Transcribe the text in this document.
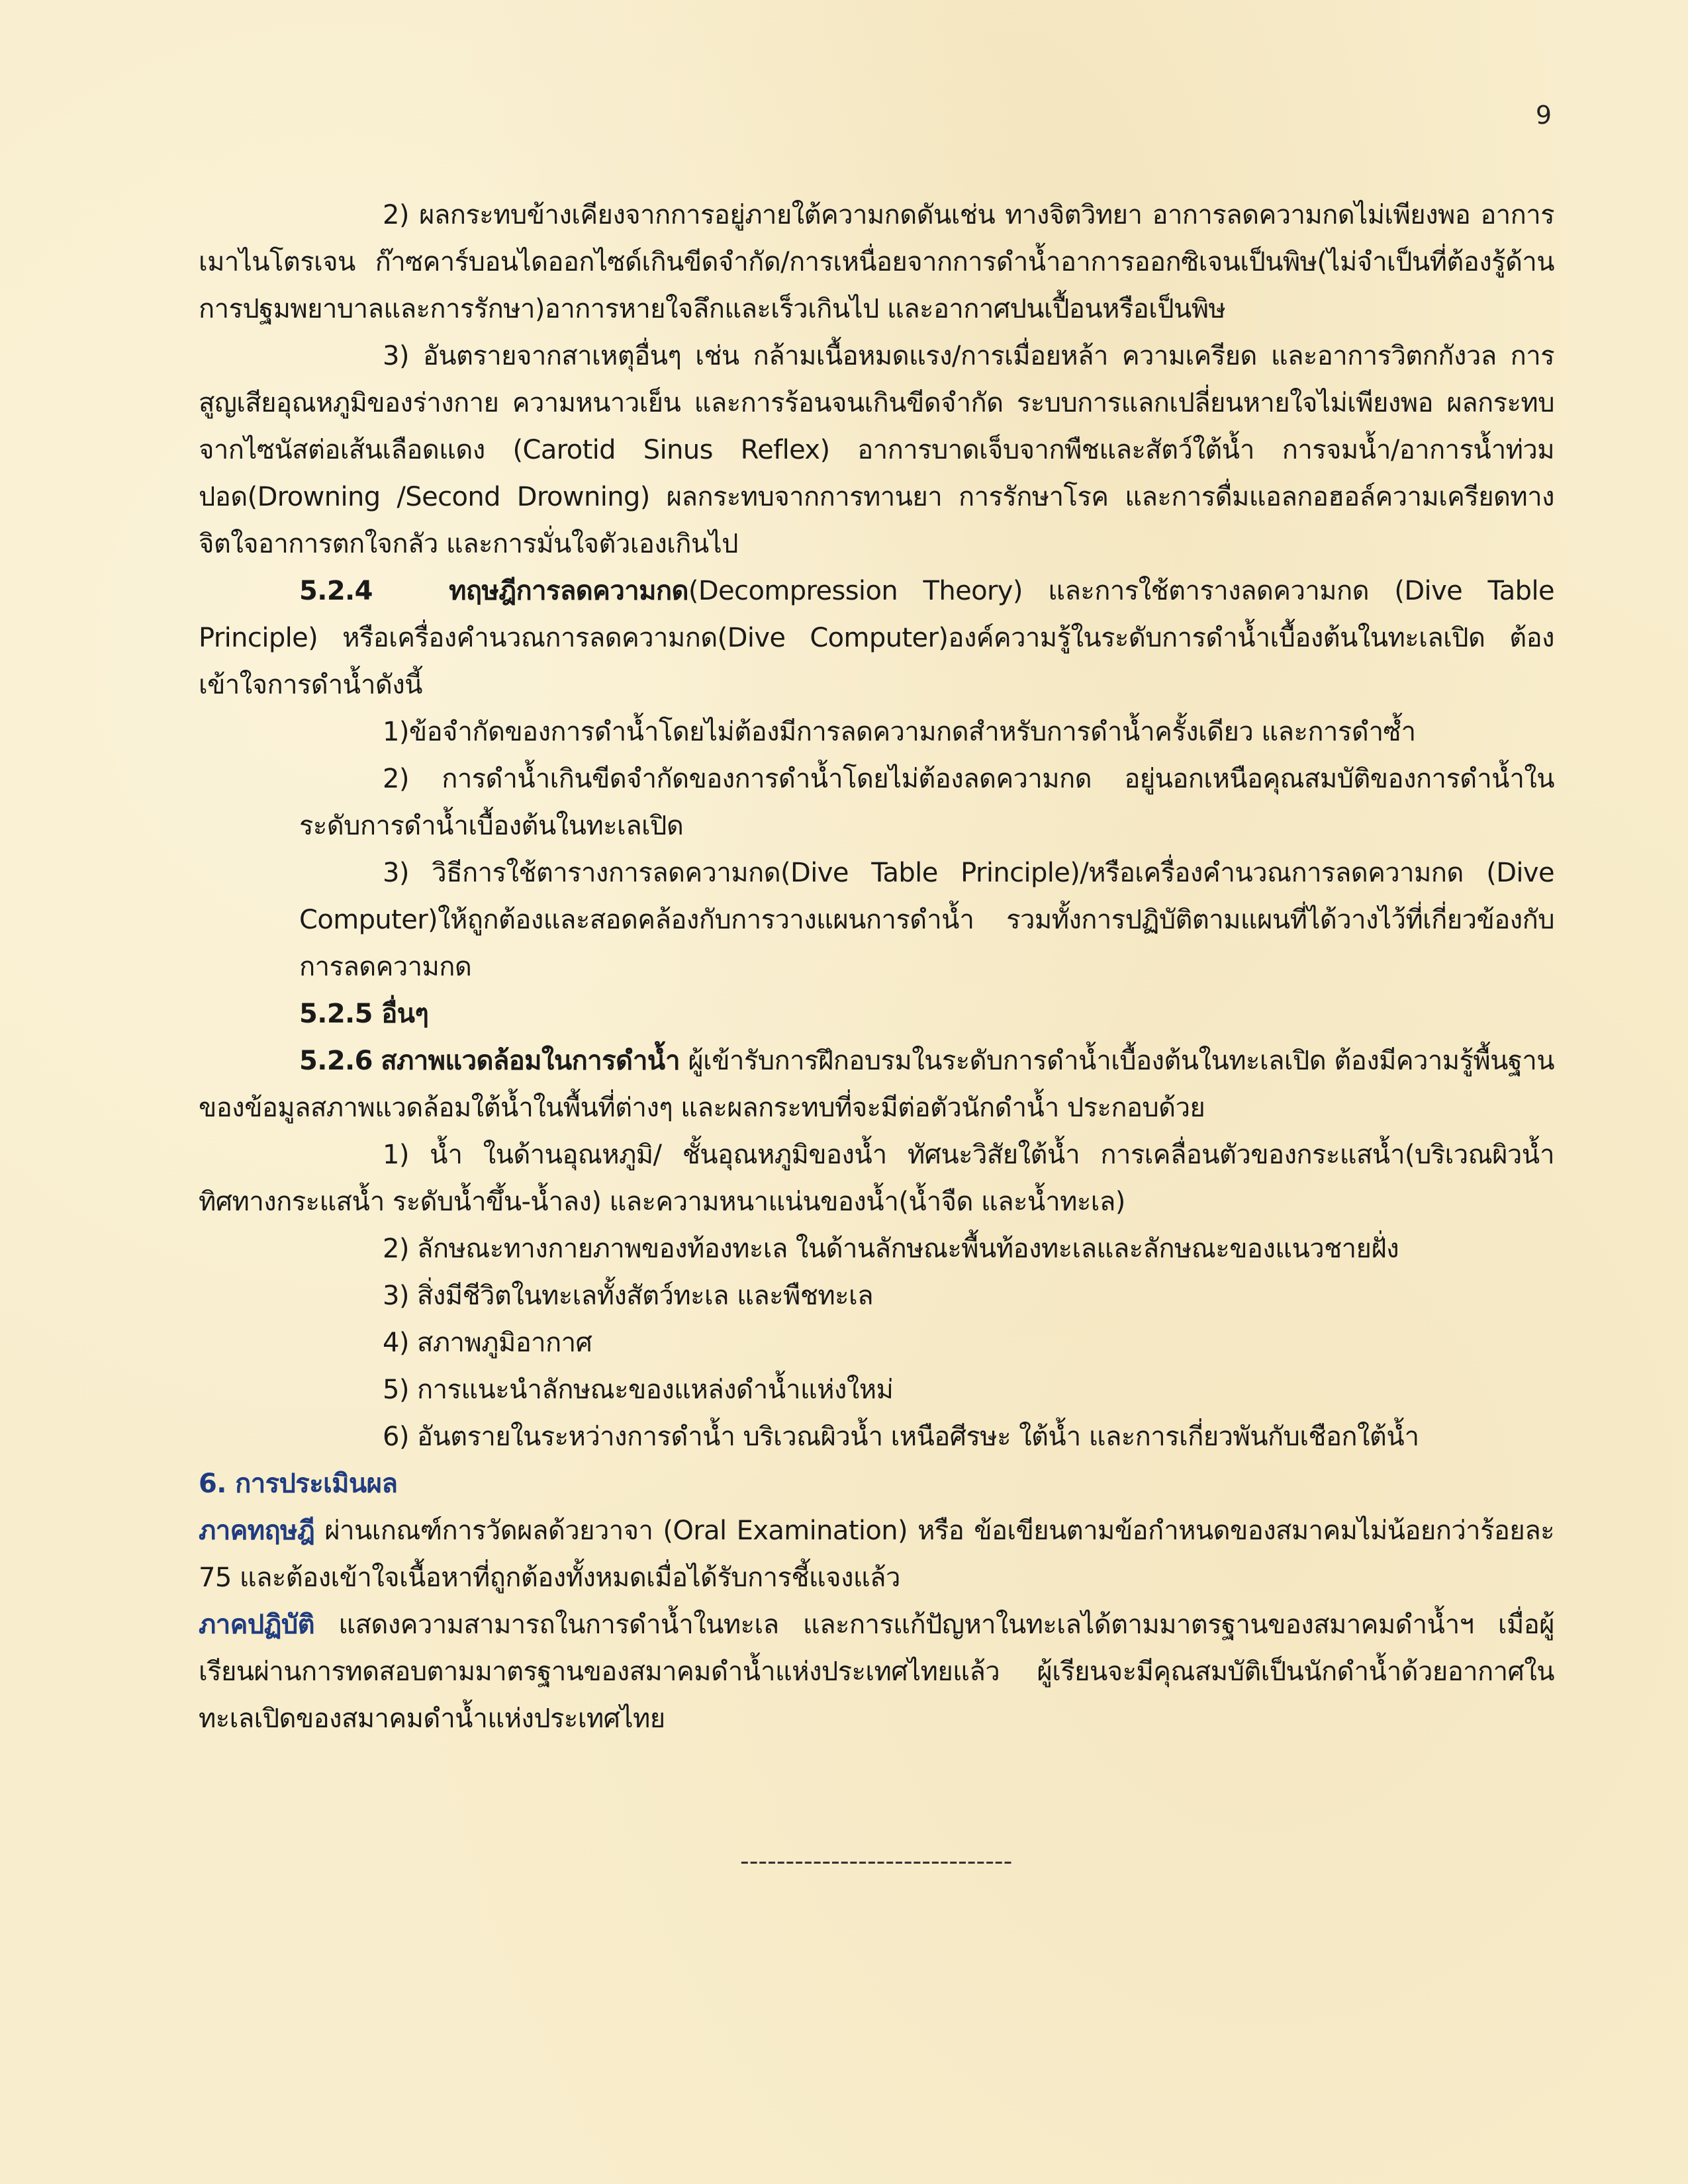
9

2) ผลกระทบข้างเคียงจากการอยู่ภายใต้ความกดดันเช่น ทางจิตวิทยา อาการลดความกดไม่เพียงพอ อาการเมาไนโตรเจน ก๊าซคาร์บอนไดออกไซด์เกินขีดจำกัด/การเหนื่อยจากการดำน้ำอาการออกซิเจนเป็นพิษ(ไม่จำเป็นที่ต้องรู้ด้านการปฐมพยาบาลและการรักษา)อาการหายใจลึกและเร็วเกินไป และอากาศปนเปื้อนหรือเป็นพิษ

3) อันตรายจากสาเหตุอื่นๆ เช่น กล้ามเนื้อหมดแรง/การเมื่อยหล้า ความเครียด และอาการวิตกกังวล การสูญเสียอุณหภูมิของร่างกาย ความหนาวเย็น และการร้อนจนเกินขีดจำกัด ระบบการแลกเปลี่ยนหายใจไม่เพียงพอ ผลกระทบจากไซนัสต่อเส้นเลือดแดง (Carotid Sinus Reflex) อาการบาดเจ็บจากพืชและสัตว์ใต้น้ำ การจมน้ำ/อาการน้ำท่วมปอด(Drowning /Second Drowning) ผลกระทบจากการทานยา การรักษาโรค และการดื่มแอลกอฮอล์ความเครียดทางจิตใจอาการตกใจกลัว และการมั่นใจตัวเองเกินไป

5.2.4	ทฤษฎีการลดความกด(Decompression Theory) และการใช้ตารางลดความกด (Dive Table Principle) หรือเครื่องคำนวณการลดความกด(Dive Computer)องค์ความรู้ในระดับการดำน้ำเบื้องต้นในทะเลเปิด ต้องเข้าใจการดำน้ำดังนี้

1)ข้อจำกัดของการดำน้ำโดยไม่ต้องมีการลดความกดสำหรับการดำน้ำครั้งเดียว และการดำซ้ำ

2) การดำน้ำเกินขีดจำกัดของการดำน้ำโดยไม่ต้องลดความกด อยู่นอกเหนือคุณสมบัติของการดำน้ำในระดับการดำน้ำเบื้องต้นในทะเลเปิด

3) วิธีการใช้ตารางการลดความกด(Dive Table Principle)/หรือเครื่องคำนวณการลดความกด (Dive Computer)ให้ถูกต้องและสอดคล้องกับการวางแผนการดำน้ำ รวมทั้งการปฏิบัติตามแผนที่ได้วางไว้ที่เกี่ยวข้องกับการลดความกด

5.2.5 อื่นๆ

5.2.6 สภาพแวดล้อมในการดำน้ำ ผู้เข้ารับการฝึกอบรมในระดับการดำน้ำเบื้องต้นในทะเลเปิด ต้องมีความรู้พื้นฐานของข้อมูลสภาพแวดล้อมใต้น้ำในพื้นที่ต่างๆ และผลกระทบที่จะมีต่อตัวนักดำน้ำ ประกอบด้วย

1) น้ำ ในด้านอุณหภูมิ/ ชั้นอุณหภูมิของน้ำ ทัศนะวิสัยใต้น้ำ การเคลื่อนตัวของกระแสน้ำ(บริเวณผิวน้ำ ทิศทางกระแสน้ำ ระดับน้ำขึ้น-น้ำลง) และความหนาแน่นของน้ำ(น้ำจืด และน้ำทะเล)

2) ลักษณะทางกายภาพของท้องทะเล ในด้านลักษณะพื้นท้องทะเลและลักษณะของแนวชายฝั่ง

3) สิ่งมีชีวิตในทะเลทั้งสัตว์ทะเล และพืชทะเล

4) สภาพภูมิอากาศ

5) การแนะนำลักษณะของแหล่งดำน้ำแห่งใหม่

6) อันตรายในระหว่างการดำน้ำ บริเวณผิวน้ำ เหนือศีรษะ ใต้น้ำ และการเกี่ยวพันกับเชือกใต้น้ำ

6. การประเมินผล

ภาคทฤษฎี ผ่านเกณฑ์การวัดผลด้วยวาจา (Oral Examination) หรือ ข้อเขียนตามข้อกำหนดของสมาคมไม่น้อยกว่าร้อยละ 75 และต้องเข้าใจเนื้อหาที่ถูกต้องทั้งหมดเมื่อได้รับการชี้แจงแล้ว

ภาคปฏิบัติ แสดงความสามารถในการดำน้ำในทะเล และการแก้ปัญหาในทะเลได้ตามมาตรฐานของสมาคมดำน้ำฯ เมื่อผู้เรียนผ่านการทดสอบตามมาตรฐานของสมาคมดำน้ำแห่งประเทศไทยแล้ว ผู้เรียนจะมีคุณสมบัติเป็นนักดำน้ำด้วยอากาศในทะเลเปิดของสมาคมดำน้ำแห่งประเทศไทย

------------------------------
